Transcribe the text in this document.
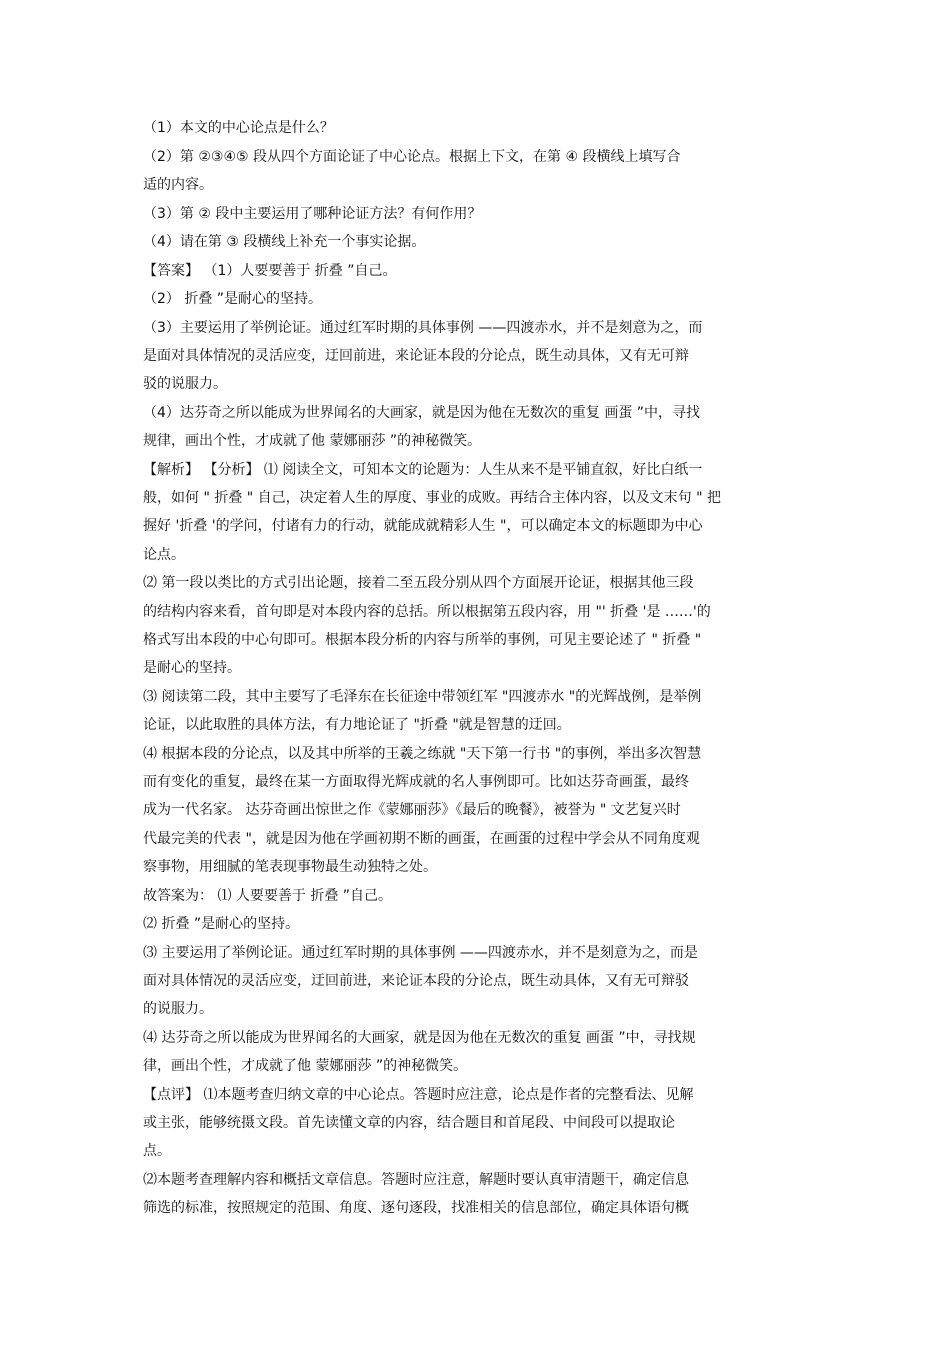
（1）本文的中心论点是什么？
（2）第 ②③④⑤ 段从四个方面论证了中心论点。根据上下文，在第 ④ 段横线上填写合
适的内容。
（3）第 ② 段中主要运用了哪种论证方法？有何作用？
（4）请在第 ③ 段横线上补充一个事实论据。
【答案】 （1）人要要善于 折叠 ”自己。
（2） 折叠 ”是耐心的坚持。
（3）主要运用了举例论证。通过红军时期的具体事例 ——四渡赤水，并不是刻意为之，而
是面对具体情况的灵活应变，迂回前进，来论证本段的分论点，既生动具体，又有无可辩
驳的说服力。
（4）达芬奇之所以能成为世界闻名的大画家，就是因为他在无数次的重复 画蛋 ”中，寻找
规律，画出个性，才成就了他 蒙娜丽莎 ”的神秘微笑。
【解析】 【分析】 ⑴ 阅读全文，可知本文的论题为：人生从来不是平铺直叙，好比白纸一
般，如何 " 折叠 " 自己，决定着人生的厚度、事业的成败。再结合主体内容，以及文末句 " 把
握好 '折叠 '的学问，付诸有力的行动，就能成就精彩人生 "，可以确定本文的标题即为中心
论点。
⑵ 第一段以类比的方式引出论题，接着二至五段分别从四个方面展开论证，根据其他三段
的结构内容来看，首句即是对本段内容的总括。所以根据第五段内容，用 "' 折叠 '是 ……'的
格式写出本段的中心句即可。根据本段分析的内容与所举的事例，可见主要论述了 " 折叠 "
是耐心的坚持。
⑶ 阅读第二段，其中主要写了毛泽东在长征途中带领红军 "四渡赤水 "的光辉战例，是举例
论证，以此取胜的具体方法，有力地论证了 "折叠 "就是智慧的迂回。
⑷ 根据本段的分论点，以及其中所举的王羲之练就 "天下第一行书 "的事例，举出多次智慧
而有变化的重复，最终在某一方面取得光辉成就的名人事例即可。比如达芬奇画蛋，最终
成为一代名家。 达芬奇画出惊世之作《蒙娜丽莎》《最后的晚餐》，被誉为 " 文艺复兴时
代最完美的代表 "，就是因为他在学画初期不断的画蛋，在画蛋的过程中学会从不同角度观
察事物，用细腻的笔表现事物最生动独特之处。
故答案为： ⑴ 人要要善于 折叠 ”自己。
⑵ 折叠 ”是耐心的坚持。
⑶ 主要运用了举例论证。通过红军时期的具体事例 ——四渡赤水，并不是刻意为之，而是
面对具体情况的灵活应变，迂回前进，来论证本段的分论点，既生动具体，又有无可辩驳
的说服力。
⑷ 达芬奇之所以能成为世界闻名的大画家，就是因为他在无数次的重复 画蛋 ”中，寻找规
律，画出个性，才成就了他 蒙娜丽莎 ”的神秘微笑。
【点评】 ⑴本题考查归纳文章的中心论点。答题时应注意，论点是作者的完整看法、见解
或主张，能够统摄文段。首先读懂文章的内容，结合题目和首尾段、中间段可以提取论
点。
⑵本题考查理解内容和概括文章信息。答题时应注意，解题时要认真审清题干，确定信息
筛选的标准，按照规定的范围、角度、逐句逐段，找准相关的信息部位，确定具体语句概
